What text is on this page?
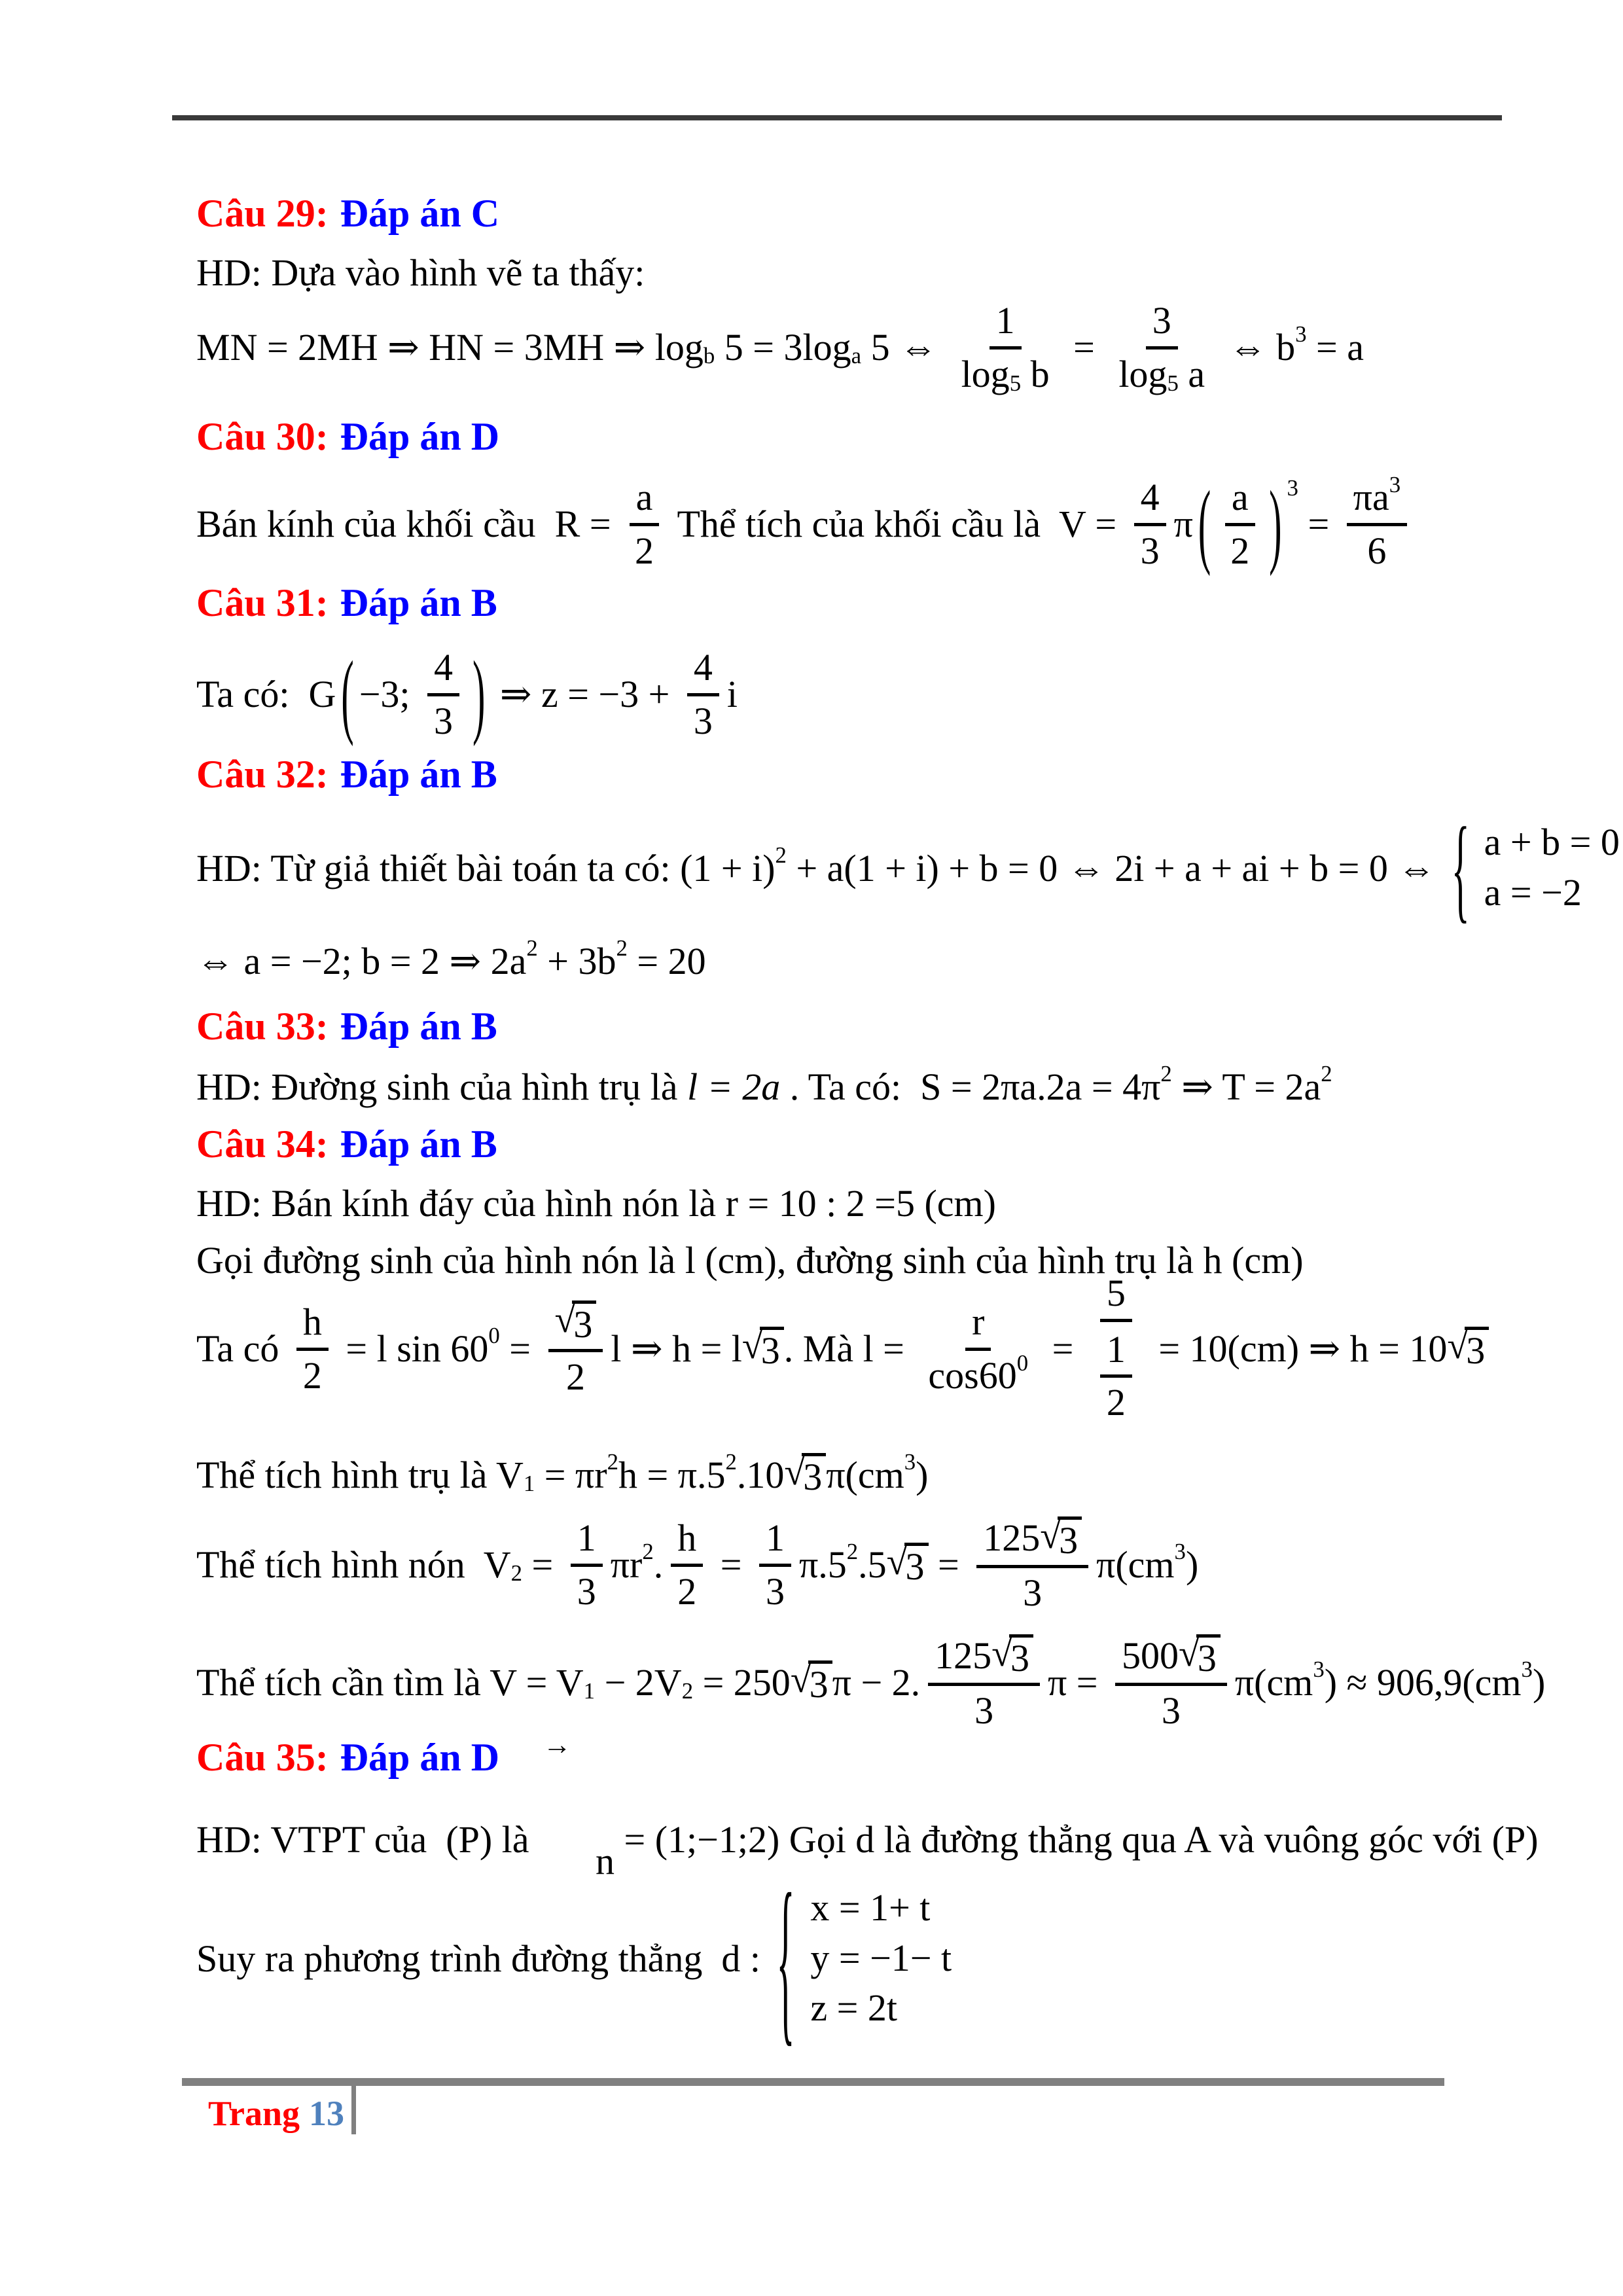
Câu 29: Đáp án C
HD: Dựa vào hình vẽ ta thấy:
MN = 2MH ⇒ HN = 3MH ⇒ log b 5 = 3log a 5 ⇔ $\frac{1}{\log 5 b} = \frac{3}{\log 5 a}$ ⇔ b 3 = a
Câu 30: Đáp án D
Bán kính của khối cầu  $R = \frac{a}{2}$ Thể tích của khối cầu là  $V = \frac{4}{3}$ π ( $\frac{a}{2}$ ) 3
= $\frac{\pi a 3}{6}$
Câu 31: Đáp án B
Ta có:  G ( −3; $\frac{4}{3}$ ) ⇒ $z = -3 + \frac{4}{3}$ i
Câu 32: Đáp án B
HD: Từ giả thiết bài toán ta có: (1 + i) 2 + a(1 + i) + b = 0 ⇔ 2i + a + ai + b = 0 ⇔ { a + b = 0
a = −2
⇔ a = −2; b = 2 ⇒ 2a 2 + 3b 2 = 20
Câu 33: Đáp án B
HD: Đường sinh của hình trụ là l = 2a . Ta có:  S = 2πa.2a = 4π 2 ⇒ T = 2a 2
Câu 34: Đáp án B
HD: Bán kính đáy của hình nón là r = 10 : 2 =5 (cm)
Gọi đường sinh của hình nón là l (cm), đường sinh của hình trụ là h (cm)
Ta có $\frac{h}{2} = l$ sin 60 0 = √
3
2 l ⇒ h = l √
3 . Mà $l = \frac{r}{\cos 60 0} = \frac{5}{\frac{1}{2}} = 10(cm)$ ⇒ h = 10 √
3
Thể tích hình trụ là V 1 = πr 2 h = π.5 2 .10 √
3 π(cm 3 )
Thể tích hình nón  V $2 = \frac{1}{3}$ πr 2 . $\frac{h}{2} = \frac{1}{3} \pi.5$ 2 .5 √
3 = 125 √
3
3 π(cm 3 )
Thể tích cần tìm là V = V 1 − 2V 2 = 250 √
3 π − 2. 125 √
3
3 π = 500 √
3
3 π(cm 3 ) ≈ 906,9(cm 3 )
Câu 35: Đáp án D
HD: VTPT của  (P) là

→

n

= (1;−1;2) Gọi d là đường thẳng qua A và vuông góc với (P)
Suy ra phương trình đường thẳng  d : { x = 1+ t
y = −1− t
z = 2t
Trang 13
